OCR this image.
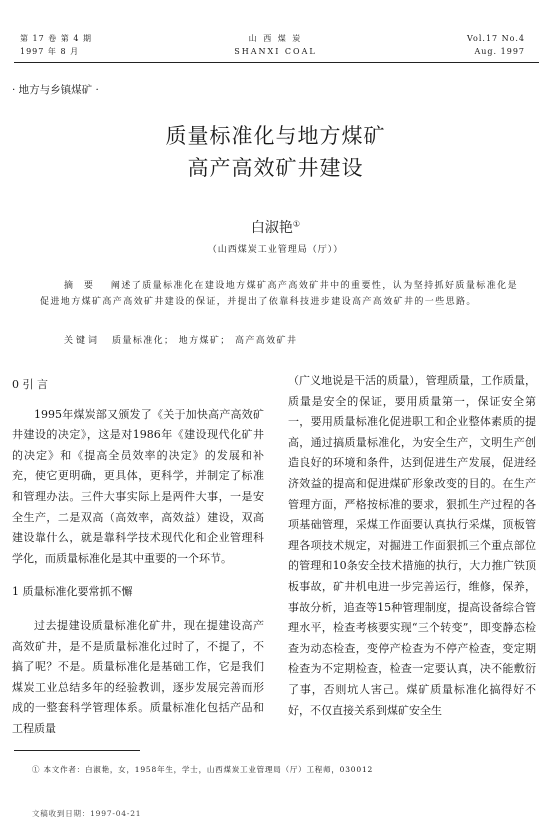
第 17 卷 第 4 期
1997 年 8 月
山 西 煤 炭
SHANXI COAL
Vol.17 No.4
Aug. 1997
· 地方与乡镇煤矿 ·
质量标准化与地方煤矿
高产高效矿井建设
白淑艳①
（山西煤炭工业管理局（厅））
摘 要 阐述了质量标准化在建设地方煤矿高产高效矿井中的重要性，认为坚持抓好质量标准化是促进地方煤矿高产高效矿井建设的保证，并提出了依靠科技进步建设高产高效矿井的一些思路。
关键词 质量标准化； 地方煤矿； 高产高效矿井

0 引 言

1995年煤炭部又颁发了《关于加快高产高效矿井建设的决定》，这是对1986年《建设现代化矿井的决定》和《提高全员效率的决定》的发展和补充，使它更明确，更具体，更科学，并制定了标准和管理办法。三件大事实际上是两件大事，一是安全生产，二是双高（高效率，高效益）建设，双高建设靠什么，就是靠科学技术现代化和企业管理科学化，而质量标准化是其中重要的一个环节。

1 质量标准化要常抓不懈

过去提建设质量标准化矿井，现在提建设高产高效矿井，是不是质量标准化过时了，不提了，不搞了呢？不是。质量标准化是基础工作，它是我们煤炭工业总结多年的经验教训，逐步发展完善而形成的一整套科学管理体系。质量标准化包括产品和工程质量

（广义地说是干活的质量），管理质量，工作质量，质量是安全的保证，要用质量第一，保证安全第一，要用质量标准化促进职工和企业整体素质的提高，通过搞质量标准化，为安全生产，文明生产创造良好的环境和条件，达到促进生产发展，促进经济效益的提高和促进煤矿形象改变的目的。在生产管理方面，严格按标准的要求，狠抓生产过程的各项基础管理，采煤工作面要认真执行采煤，顶板管理各项技术规定，对掘进工作面狠抓三个重点部位的管理和10条安全技术措施的执行，大力推广铁顶板事故，矿井机电进一步完善运行，维修，保养，事故分析，追查等15种管理制度，提高设备综合管理水平，检查考核要实现“三个转变”，即变静态检查为动态检查，变停产检查为不停产检查，变定期检查为不定期检查，检查一定要认真，决不能敷衍了事，否则坑人害己。煤矿质量标准化搞得好不好，不仅直接关系到煤矿安全生

① 本文作者：白淑艳，女，1958年生，学士，山西煤炭工业管理局（厅）工程师，030012
文稿收到日期：1997-04-21
